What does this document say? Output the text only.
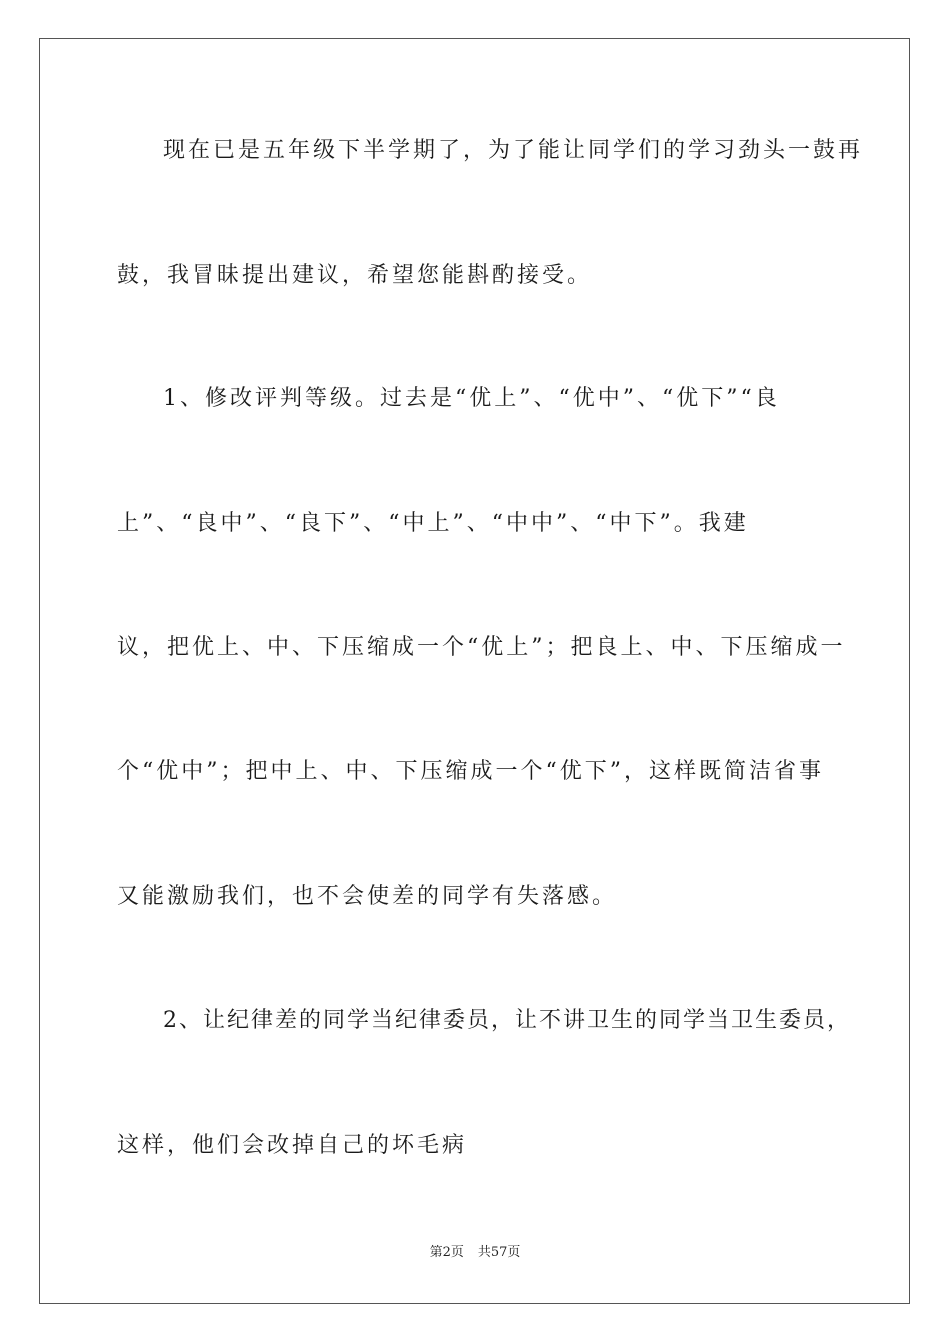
现在已是五年级下半学期了，为了能让同学们的学习劲头一鼓再
鼓，我冒昧提出建议，希望您能斟酌接受。
1、修改评判等级。过去是“优上”、“优中”、“优下”“良
上”、“良中”、“良下”、“中上”、“中中”、“中下”。我建
议，把优上、中、下压缩成一个“优上”；把良上、中、下压缩成一
个“优中”；把中上、中、下压缩成一个“优下”，这样既简洁省事
又能激励我们，也不会使差的同学有失落感。
2、让纪律差的同学当纪律委员，让不讲卫生的同学当卫生委员，
这样，他们会改掉自己的坏毛病
第2页 共57页
